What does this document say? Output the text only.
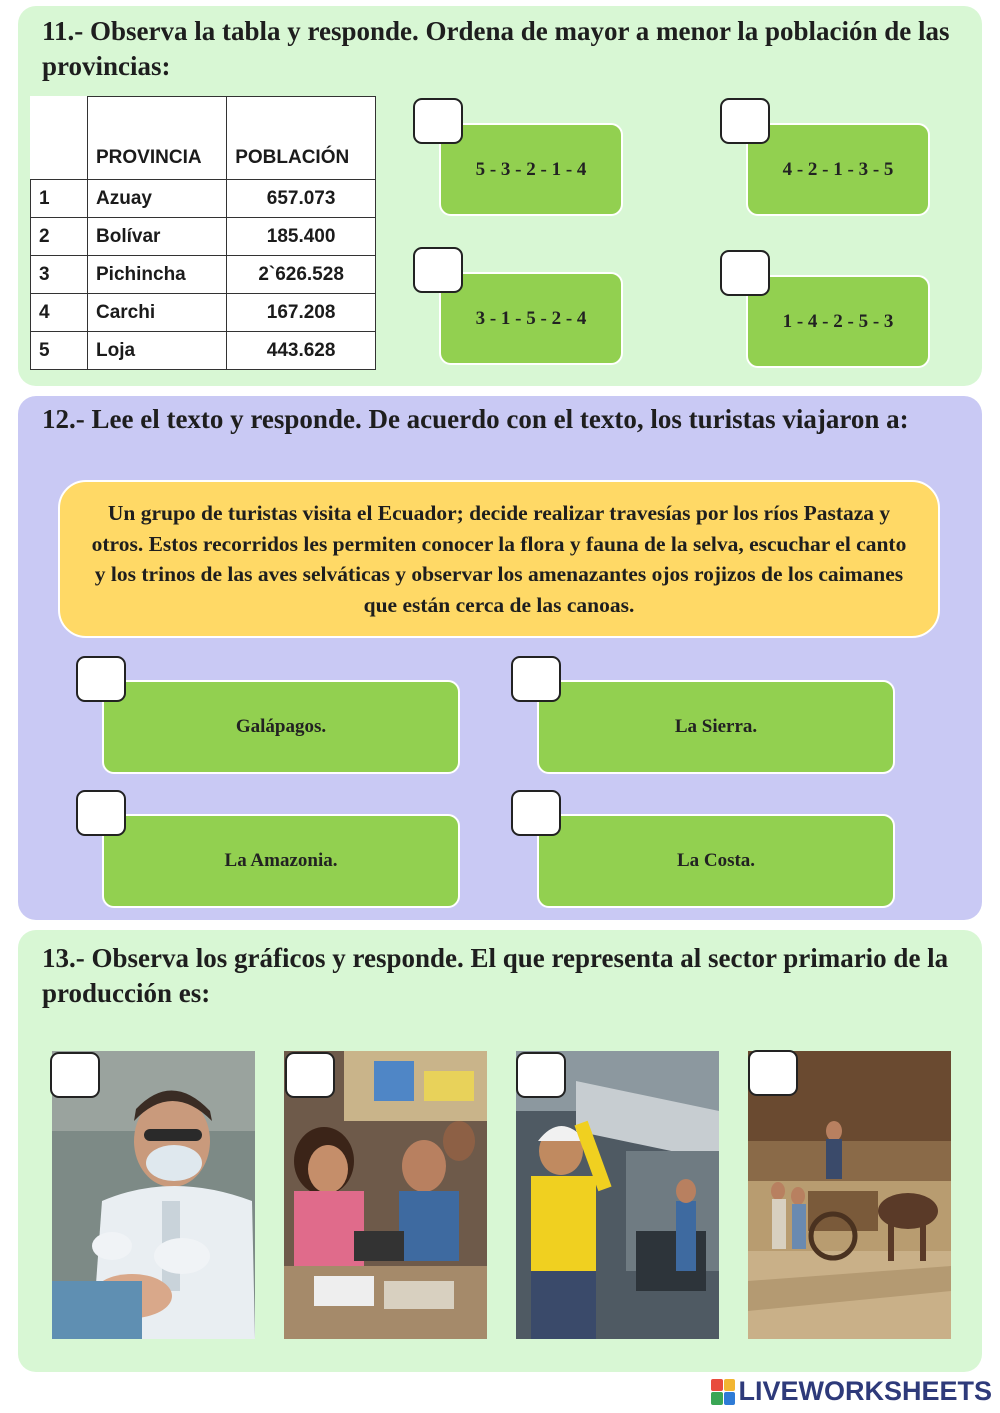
11.- Observa la tabla y responde. Ordena de mayor a menor la población de las provincias:
	PROVINCIA	POBLACIÓN
1	Azuay	657.073
2	Bolívar	185.400
3	Pichincha	2`626.528
4	Carchi	167.208
5	Loja	443.628
5 - 3 - 2 - 1 - 4	4 - 2 - 1 - 3 - 5
3 - 1 - 5 - 2 - 4	1 - 4 - 2 - 5 - 3
12.- Lee el texto y responde. De acuerdo con el texto, los turistas viajaron a:
Un grupo de turistas visita el Ecuador; decide realizar travesías por los ríos Pastaza y otros. Estos recorridos les permiten conocer la flora y fauna de la selva, escuchar el canto y los trinos de las aves selváticas y observar los amenazantes ojos rojizos de los caimanes que están cerca de las canoas.
Galápagos.	La Sierra.
La Amazonia.	La Costa.
13.- Observa los gráficos y responde. El que representa al sector primario de la producción es:
LIVEWORKSHEETS
